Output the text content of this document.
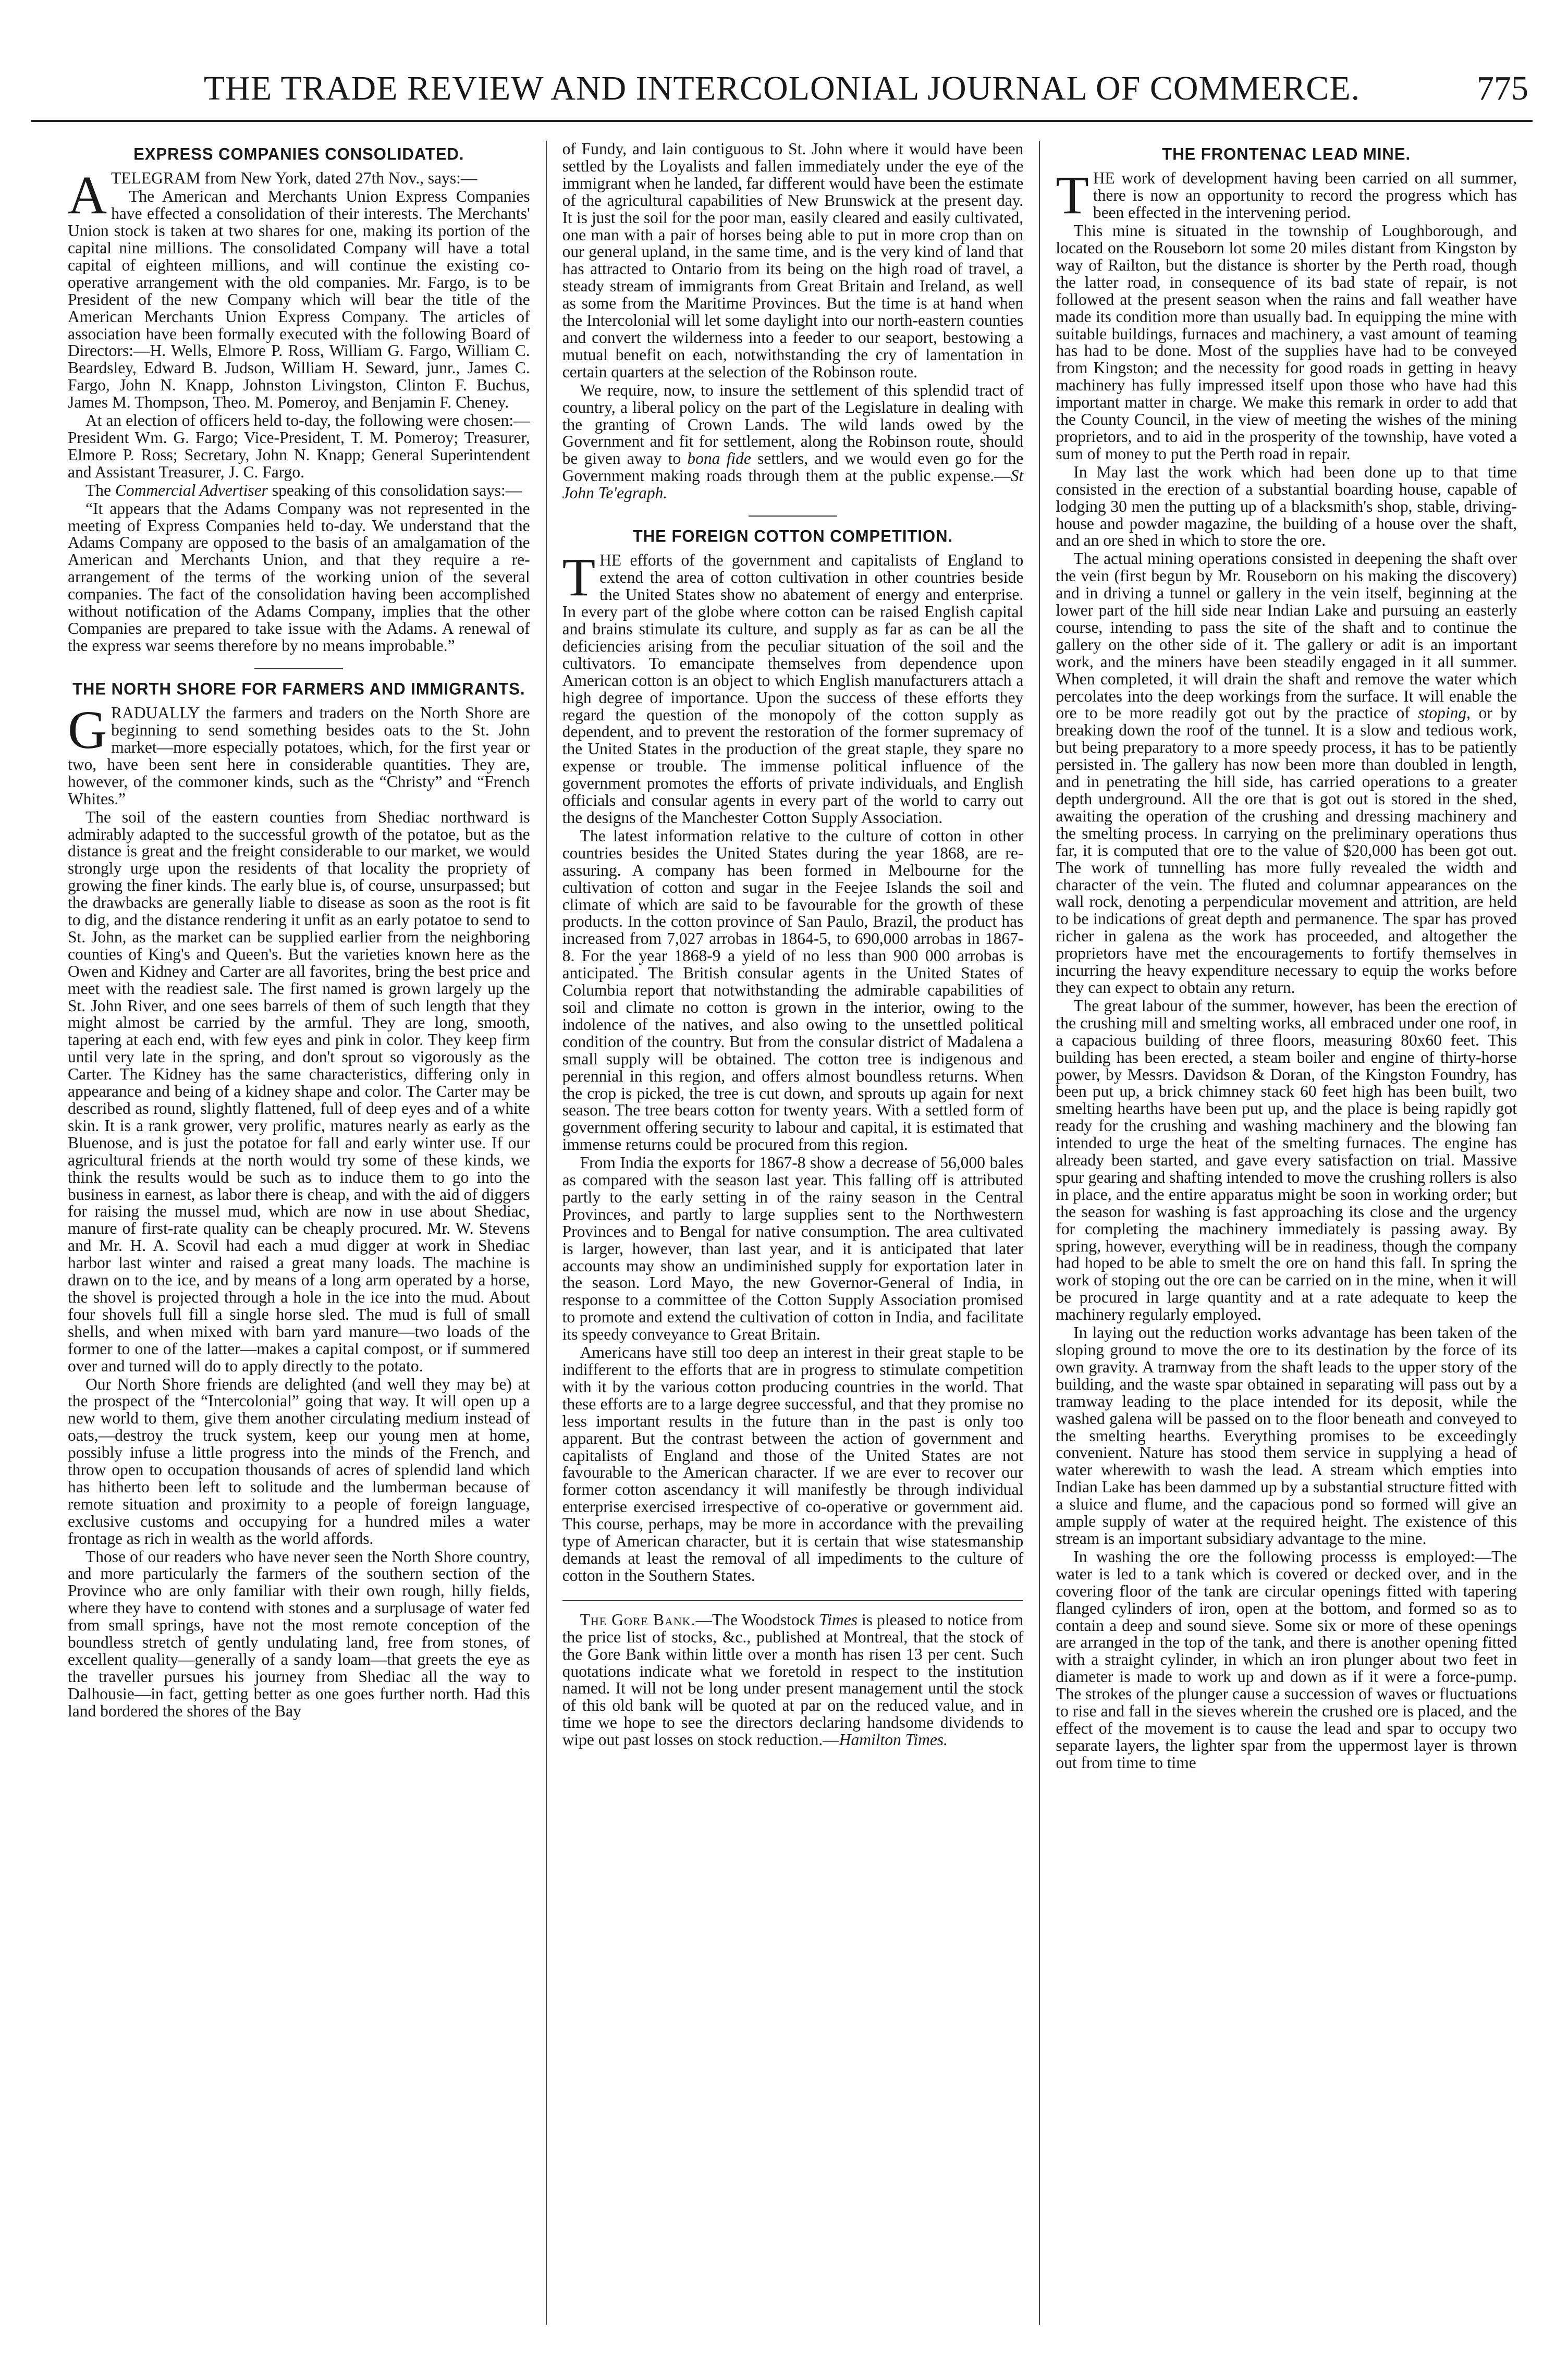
THE TRADE REVIEW AND INTERCOLONIAL JOURNAL OF COMMERCE.	775
EXPRESS COMPANIES CONSOLIDATED.

ATELEGRAM from New York, dated 27th Nov., says:—

The American and Merchants Union Express Companies have effected a consolidation of their interests. The Merchants' Union stock is taken at two shares for one, making its portion of the capital nine millions. The consolidated Company will have a total capital of eighteen millions, and will continue the existing co-operative arrangement with the old companies. Mr. Fargo, is to be President of the new Company which will bear the title of the American Merchants Union Express Company. The articles of association have been formally executed with the following Board of Directors:—H. Wells, Elmore P. Ross, William G. Fargo, William C. Beardsley, Edward B. Judson, William H. Seward, junr., James C. Fargo, John N. Knapp, Johnston Livingston, Clinton F. Buchus, James M. Thompson, Theo. M. Pomeroy, and Benjamin F. Cheney.

At an election of officers held to-day, the following were chosen:—President Wm. G. Fargo; Vice-President, T. M. Pomeroy; Treasurer, Elmore P. Ross; Secretary, John N. Knapp; General Superintendent and Assistant Treasurer, J. C. Fargo.

The Commercial Advertiser speaking of this consolidation says:—

“It appears that the Adams Company was not represented in the meeting of Express Companies held to-day. We understand that the Adams Company are opposed to the basis of an amalgamation of the American and Merchants Union, and that they require a re-arrangement of the terms of the working union of the several companies. The fact of the consolidation having been accomplished without notification of the Adams Company, implies that the other Companies are prepared to take issue with the Adams. A renewal of the express war seems therefore by no means improbable.”

THE NORTH SHORE FOR FARMERS AND IMMIGRANTS.

GRADUALLY the farmers and traders on the North Shore are beginning to send something besides oats to the St. John market—more especially potatoes, which, for the first year or two, have been sent here in considerable quantities. They are, however, of the commoner kinds, such as the “Christy” and “French Whites.”

The soil of the eastern counties from Shediac northward is admirably adapted to the successful growth of the potatoe, but as the distance is great and the freight considerable to our market, we would strongly urge upon the residents of that locality the propriety of growing the finer kinds. The early blue is, of course, unsurpassed; but the drawbacks are generally liable to disease as soon as the root is fit to dig, and the distance rendering it unfit as an early potatoe to send to St. John, as the market can be supplied earlier from the neighboring counties of King's and Queen's. But the varieties known here as the Owen and Kidney and Carter are all favorites, bring the best price and meet with the readiest sale. The first named is grown largely up the St. John River, and one sees barrels of them of such length that they might almost be carried by the armful. They are long, smooth, tapering at each end, with few eyes and pink in color. They keep firm until very late in the spring, and don't sprout so vigorously as the Carter. The Kidney has the same characteristics, differing only in appearance and being of a kidney shape and color. The Carter may be described as round, slightly flattened, full of deep eyes and of a white skin. It is a rank grower, very prolific, matures nearly as early as the Bluenose, and is just the potatoe for fall and early winter use. If our agricultural friends at the north would try some of these kinds, we think the results would be such as to induce them to go into the business in earnest, as labor there is cheap, and with the aid of diggers for raising the mussel mud, which are now in use about Shediac, manure of first-rate quality can be cheaply procured. Mr. W. Stevens and Mr. H. A. Scovil had each a mud digger at work in Shediac harbor last winter and raised a great many loads. The machine is drawn on to the ice, and by means of a long arm operated by a horse, the shovel is projected through a hole in the ice into the mud. About four shovels full fill a single horse sled. The mud is full of small shells, and when mixed with barn yard manure—two loads of the former to one of the latter—makes a capital compost, or if summered over and turned will do to apply directly to the potato.

Our North Shore friends are delighted (and well they may be) at the prospect of the “Intercolonial” going that way. It will open up a new world to them, give them another circulating medium instead of oats,—destroy the truck system, keep our young men at home, possibly infuse a little progress into the minds of the French, and throw open to occupation thousands of acres of splendid land which has hitherto been left to solitude and the lumberman because of remote situation and proximity to a people of foreign language, exclusive customs and occupying for a hundred miles a water frontage as rich in wealth as the world affords.

Those of our readers who have never seen the North Shore country, and more particularly the farmers of the southern section of the Province who are only familiar with their own rough, hilly fields, where they have to contend with stones and a surplusage of water fed from small springs, have not the most remote conception of the boundless stretch of gently undulating land, free from stones, of excellent quality—generally of a sandy loam—that greets the eye as the traveller pursues his journey from Shediac all the way to Dalhousie—in fact, getting better as one goes further north. Had this land bordered the shores of the Bay

of Fundy, and lain contiguous to St. John where it would have been settled by the Loyalists and fallen immediately under the eye of the immigrant when he landed, far different would have been the estimate of the agricultural capabilities of New Brunswick at the present day. It is just the soil for the poor man, easily cleared and easily cultivated, one man with a pair of horses being able to put in more crop than on our general upland, in the same time, and is the very kind of land that has attracted to Ontario from its being on the high road of travel, a steady stream of immigrants from Great Britain and Ireland, as well as some from the Maritime Provinces. But the time is at hand when the Intercolonial will let some daylight into our north-eastern counties and convert the wilderness into a feeder to our seaport, bestowing a mutual benefit on each, notwithstanding the cry of lamentation in certain quarters at the selection of the Robinson route.

We require, now, to insure the settlement of this splendid tract of country, a liberal policy on the part of the Legislature in dealing with the granting of Crown Lands. The wild lands owed by the Government and fit for settlement, along the Robinson route, should be given away to bona fide settlers, and we would even go for the Government making roads through them at the public expense.—St John Te'egraph.

THE FOREIGN COTTON COMPETITION.

THE efforts of the government and capitalists of England to extend the area of cotton cultivation in other countries beside the United States show no abatement of energy and enterprise. In every part of the globe where cotton can be raised English capital and brains stimulate its culture, and supply as far as can be all the deficiencies arising from the peculiar situation of the soil and the cultivators. To emancipate themselves from dependence upon American cotton is an object to which English manufacturers attach a high degree of importance. Upon the success of these efforts they regard the question of the monopoly of the cotton supply as dependent, and to prevent the restoration of the former supremacy of the United States in the production of the great staple, they spare no expense or trouble. The immense political influence of the government promotes the efforts of private individuals, and English officials and consular agents in every part of the world to carry out the designs of the Manchester Cotton Supply Association.

The latest information relative to the culture of cotton in other countries besides the United States during the year 1868, are re-assuring. A company has been formed in Melbourne for the cultivation of cotton and sugar in the Feejee Islands the soil and climate of which are said to be favourable for the growth of these products. In the cotton province of San Paulo, Brazil, the product has increased from 7,027 arrobas in 1864-5, to 690,000 arrobas in 1867-8. For the year 1868-9 a yield of no less than 900 000 arrobas is anticipated. The British consular agents in the United States of Columbia report that notwithstanding the admirable capabilities of soil and climate no cotton is grown in the interior, owing to the indolence of the natives, and also owing to the unsettled political condition of the country. But from the consular district of Madalena a small supply will be obtained. The cotton tree is indigenous and perennial in this region, and offers almost boundless returns. When the crop is picked, the tree is cut down, and sprouts up again for next season. The tree bears cotton for twenty years. With a settled form of government offering security to labour and capital, it is estimated that immense returns could be procured from this region.

From India the exports for 1867-8 show a decrease of 56,000 bales as compared with the season last year. This falling off is attributed partly to the early setting in of the rainy season in the Central Provinces, and partly to large supplies sent to the Northwestern Provinces and to Bengal for native consumption. The area cultivated is larger, however, than last year, and it is anticipated that later accounts may show an undiminished supply for exportation later in the season. Lord Mayo, the new Governor-General of India, in response to a committee of the Cotton Supply Association promised to promote and extend the cultivation of cotton in India, and facilitate its speedy conveyance to Great Britain.

Americans have still too deep an interest in their great staple to be indifferent to the efforts that are in progress to stimulate competition with it by the various cotton producing countries in the world. That these efforts are to a large degree successful, and that they promise no less important results in the future than in the past is only too apparent. But the contrast between the action of government and capitalists of England and those of the United States are not favourable to the American character. If we are ever to recover our former cotton ascendancy it will manifestly be through individual enterprise exercised irrespective of co-operative or government aid. This course, perhaps, may be more in accordance with the prevailing type of American character, but it is certain that wise statesmanship demands at least the removal of all impediments to the culture of cotton in the Southern States.

The Gore Bank.—The Woodstock Times is pleased to notice from the price list of stocks, &c., published at Montreal, that the stock of the Gore Bank within little over a month has risen 13 per cent. Such quotations indicate what we foretold in respect to the institution named. It will not be long under present management until the stock of this old bank will be quoted at par on the reduced value, and in time we hope to see the directors declaring handsome dividends to wipe out past losses on stock reduction.—Hamilton Times.

THE FRONTENAC LEAD MINE.

THE work of development having been carried on all summer, there is now an opportunity to record the progress which has been effected in the intervening period.

This mine is situated in the township of Loughborough, and located on the Rouseborn lot some 20 miles distant from Kingston by way of Railton, but the distance is shorter by the Perth road, though the latter road, in consequence of its bad state of repair, is not followed at the present season when the rains and fall weather have made its condition more than usually bad. In equipping the mine with suitable buildings, furnaces and machinery, a vast amount of teaming has had to be done. Most of the supplies have had to be conveyed from Kingston; and the necessity for good roads in getting in heavy machinery has fully impressed itself upon those who have had this important matter in charge. We make this remark in order to add that the County Council, in the view of meeting the wishes of the mining proprietors, and to aid in the prosperity of the township, have voted a sum of money to put the Perth road in repair.

In May last the work which had been done up to that time consisted in the erection of a substantial boarding house, capable of lodging 30 men the putting up of a blacksmith's shop, stable, driving-house and powder magazine, the building of a house over the shaft, and an ore shed in which to store the ore.

The actual mining operations consisted in deepening the shaft over the vein (first begun by Mr. Rouseborn on his making the discovery) and in driving a tunnel or gallery in the vein itself, beginning at the lower part of the hill side near Indian Lake and pursuing an easterly course, intending to pass the site of the shaft and to continue the gallery on the other side of it. The gallery or adit is an important work, and the miners have been steadily engaged in it all summer. When completed, it will drain the shaft and remove the water which percolates into the deep workings from the surface. It will enable the ore to be more readily got out by the practice of stoping, or by breaking down the roof of the tunnel. It is a slow and tedious work, but being preparatory to a more speedy process, it has to be patiently persisted in. The gallery has now been more than doubled in length, and in penetrating the hill side, has carried operations to a greater depth underground. All the ore that is got out is stored in the shed, awaiting the operation of the crushing and dressing machinery and the smelting process. In carrying on the preliminary operations thus far, it is computed that ore to the value of $20,000 has been got out. The work of tunnelling has more fully revealed the width and character of the vein. The fluted and columnar appearances on the wall rock, denoting a perpendicular movement and attrition, are held to be indications of great depth and permanence. The spar has proved richer in galena as the work has proceeded, and altogether the proprietors have met the encouragements to fortify themselves in incurring the heavy expenditure necessary to equip the works before they can expect to obtain any return.

The great labour of the summer, however, has been the erection of the crushing mill and smelting works, all embraced under one roof, in a capacious building of three floors, measuring 80x60 feet. This building has been erected, a steam boiler and engine of thirty-horse power, by Messrs. Davidson & Doran, of the Kingston Foundry, has been put up, a brick chimney stack 60 feet high has been built, two smelting hearths have been put up, and the place is being rapidly got ready for the crushing and washing machinery and the blowing fan intended to urge the heat of the smelting furnaces. The engine has already been started, and gave every satisfaction on trial. Massive spur gearing and shafting intended to move the crushing rollers is also in place, and the entire apparatus might be soon in working order; but the season for washing is fast approaching its close and the urgency for completing the machinery immediately is passing away. By spring, however, everything will be in readiness, though the company had hoped to be able to smelt the ore on hand this fall. In spring the work of stoping out the ore can be carried on in the mine, when it will be procured in large quantity and at a rate adequate to keep the machinery regularly employed.

In laying out the reduction works advantage has been taken of the sloping ground to move the ore to its destination by the force of its own gravity. A tramway from the shaft leads to the upper story of the building, and the waste spar obtained in separating will pass out by a tramway leading to the place intended for its deposit, while the washed galena will be passed on to the floor beneath and conveyed to the smelting hearths. Everything promises to be exceedingly convenient. Nature has stood them service in supplying a head of water wherewith to wash the lead. A stream which empties into Indian Lake has been dammed up by a substantial structure fitted with a sluice and flume, and the capacious pond so formed will give an ample supply of water at the required height. The existence of this stream is an important subsidiary advantage to the mine.

In washing the ore the following processs is employed:—The water is led to a tank which is covered or decked over, and in the covering floor of the tank are circular openings fitted with tapering flanged cylinders of iron, open at the bottom, and formed so as to contain a deep and sound sieve. Some six or more of these openings are arranged in the top of the tank, and there is another opening fitted with a straight cylinder, in which an iron plunger about two feet in diameter is made to work up and down as if it were a force-pump. The strokes of the plunger cause a succession of waves or fluctuations to rise and fall in the sieves wherein the crushed ore is placed, and the effect of the movement is to cause the lead and spar to occupy two separate layers, the lighter spar from the uppermost layer is thrown out from time to time
